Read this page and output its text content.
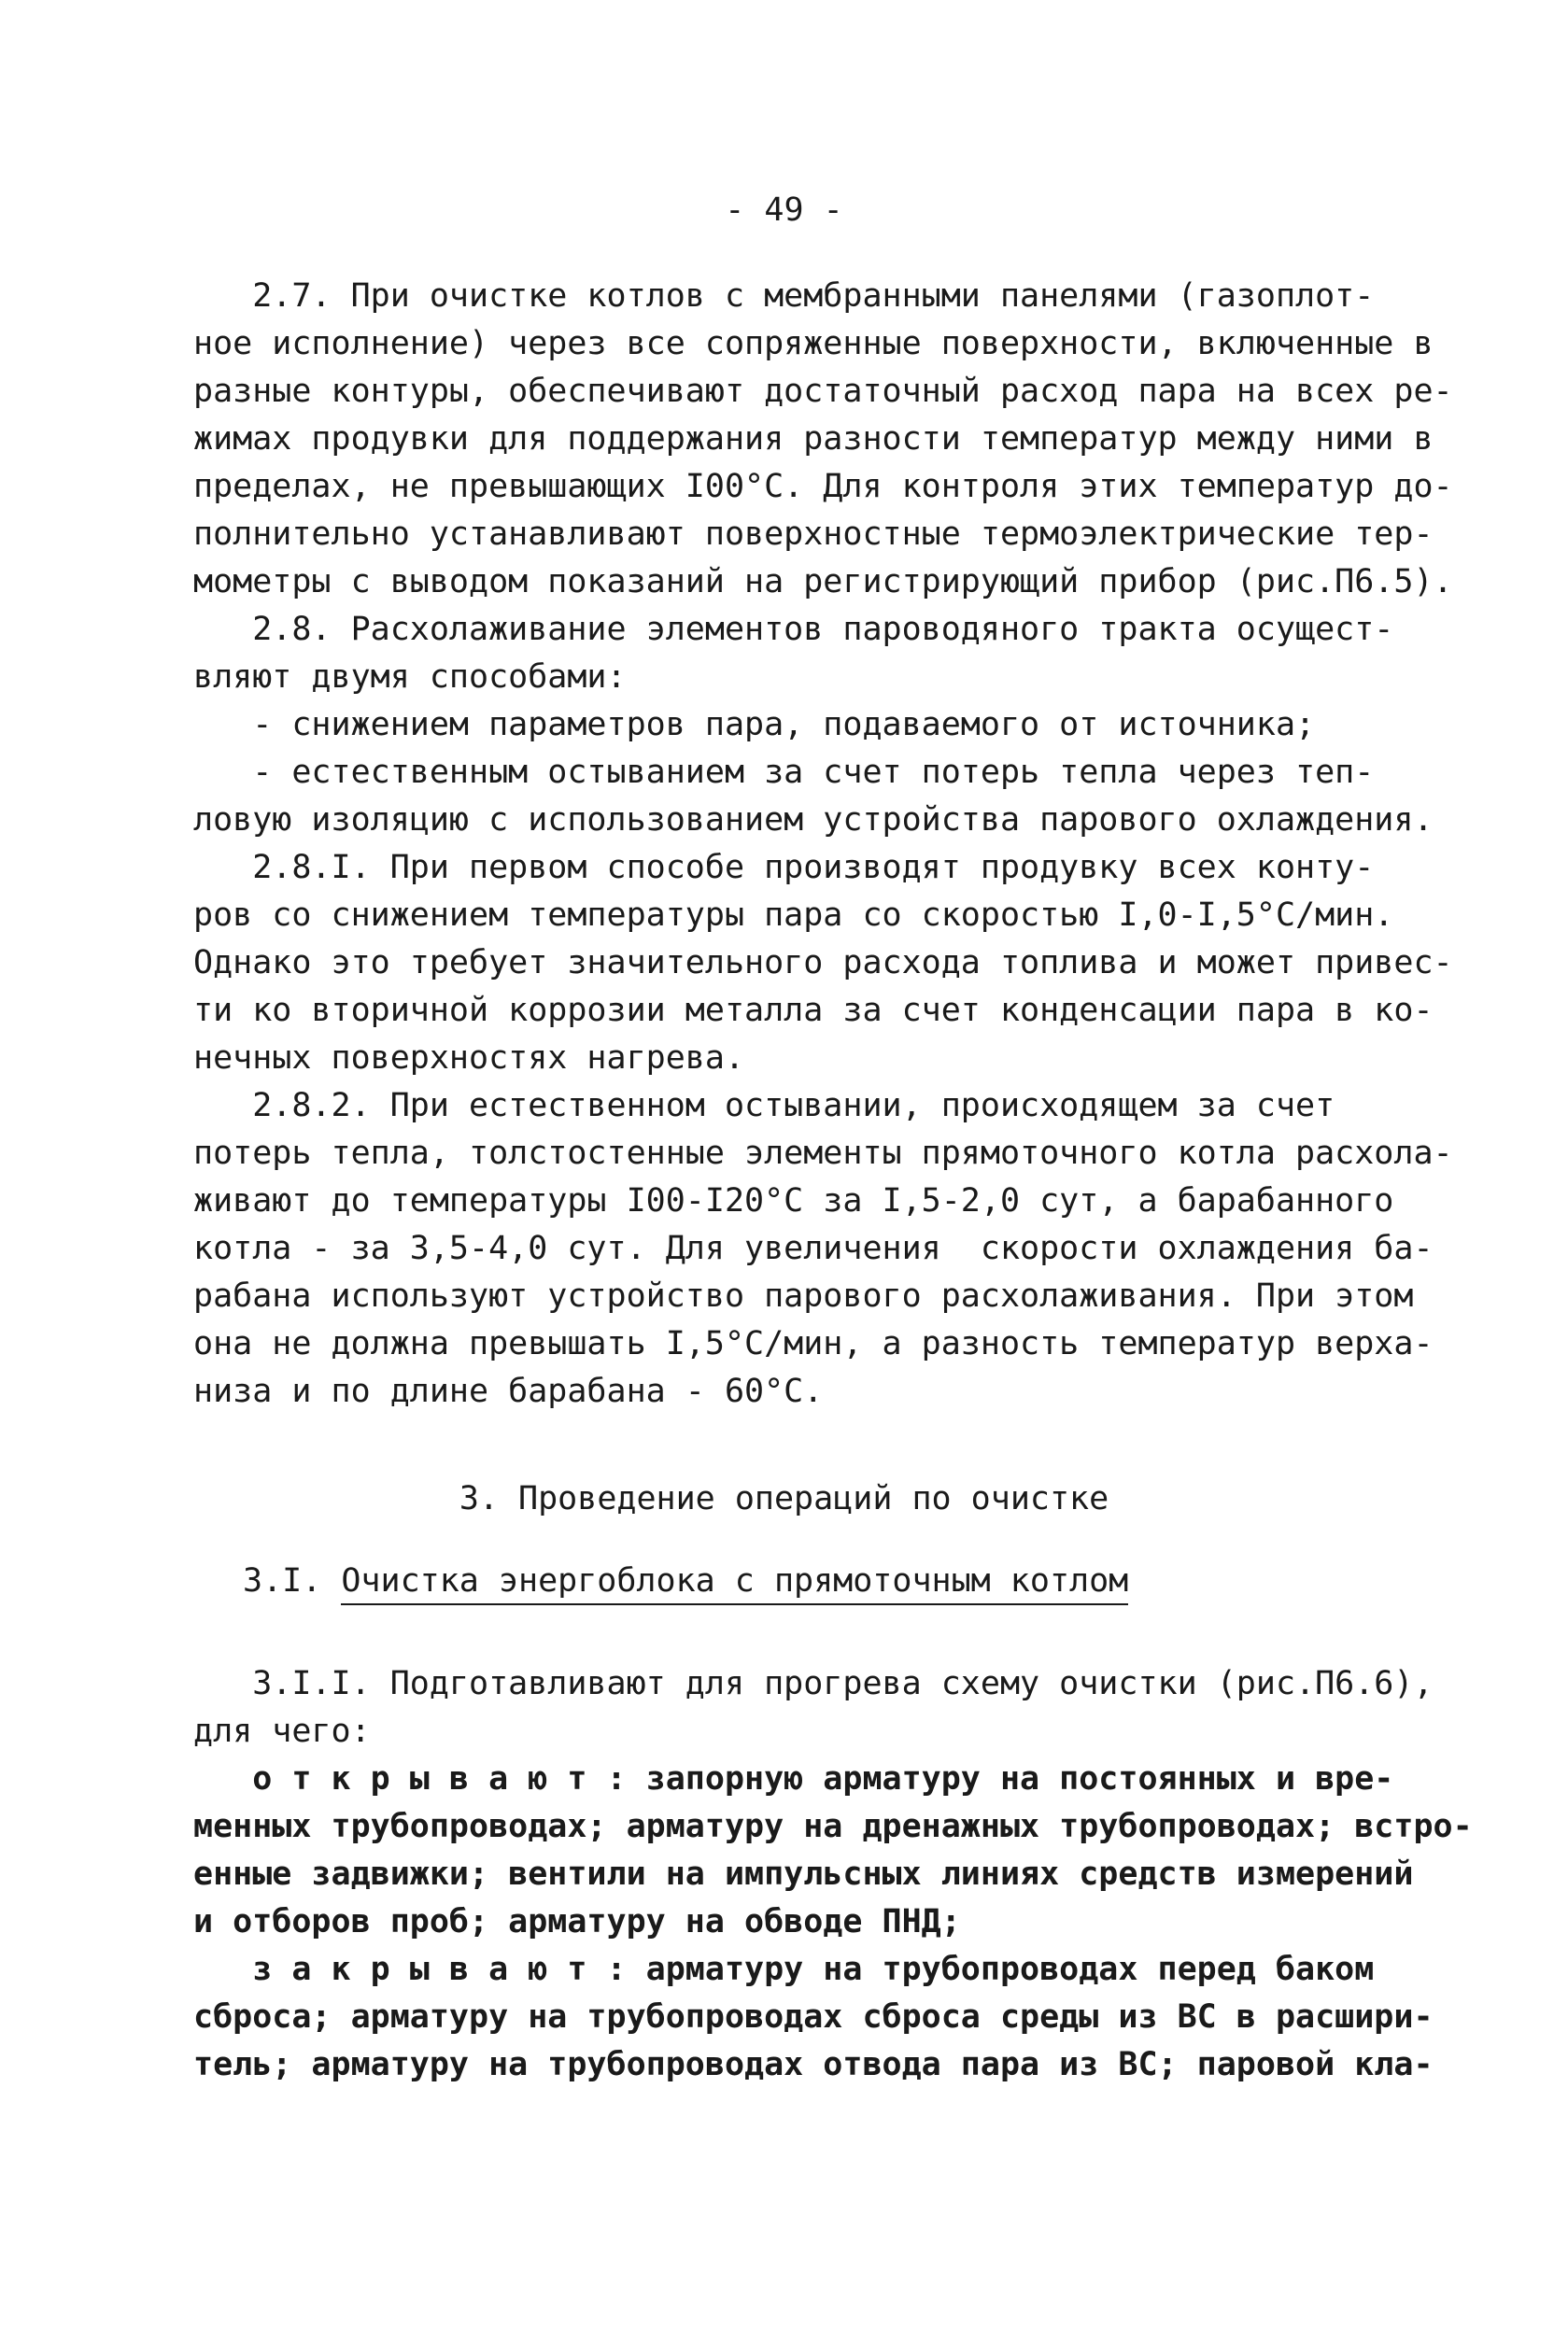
- 49 -
2.7. При очистке котлов с мембранными панелями (газоплот-
ное исполнение) через все сопряженные поверхности, включенные в
разные контуры, обеспечивают достаточный расход пара на всех ре-
жимах продувки для поддержания разности температур между ними в
пределах, не превышающих I00°С. Для контроля этих температур до-
полнительно устанавливают поверхностные термоэлектрические тер-
мометры с выводом показаний на регистрирующий прибор (рис.П6.5).
2.8. Расхолаживание элементов пароводяного тракта осущест-
вляют двумя способами:
- снижением параметров пара, подаваемого от источника;
- естественным остыванием за счет потерь тепла через теп-
ловую изоляцию с использованием устройства парового охлаждения.
2.8.I. При первом способе производят продувку всех конту-
ров со снижением температуры пара со скоростью I,0-I,5°С/мин.
Однако это требует значительного расхода топлива и может привес-
ти ко вторичной коррозии металла за счет конденсации пара в ко-
нечных поверхностях нагрева.
2.8.2. При естественном остывании, происходящем за счет
потерь тепла, толстостенные элементы прямоточного котла расхола-
живают до температуры I00-I20°С за I,5-2,0 сут, а барабанного
котла - за 3,5-4,0 сут. Для увеличения  скорости охлаждения ба-
рабана используют устройство парового расхолаживания. При этом
она не должна превышать I,5°С/мин, а разность температур верха-
низа и по длине барабана - 60°С.
3. Проведение операций по очистке
3.I. Очистка энергоблока с прямоточным котлом
3.I.I. Подготавливают для прогрева схему очистки (рис.П6.6),
для чего:
о т к р ы в а ю т : запорную арматуру на постоянных и вре-
менных трубопроводах; арматуру на дренажных трубопроводах; встро-
енные задвижки; вентили на импульсных линиях средств измерений
и отборов проб; арматуру на обводе ПНД;
з а к р ы в а ю т : арматуру на трубопроводах перед баком
сброса; арматуру на трубопроводах сброса среды из ВС в расшири-
тель; арматуру на трубопроводах отвода пара из ВС; паровой кла-
